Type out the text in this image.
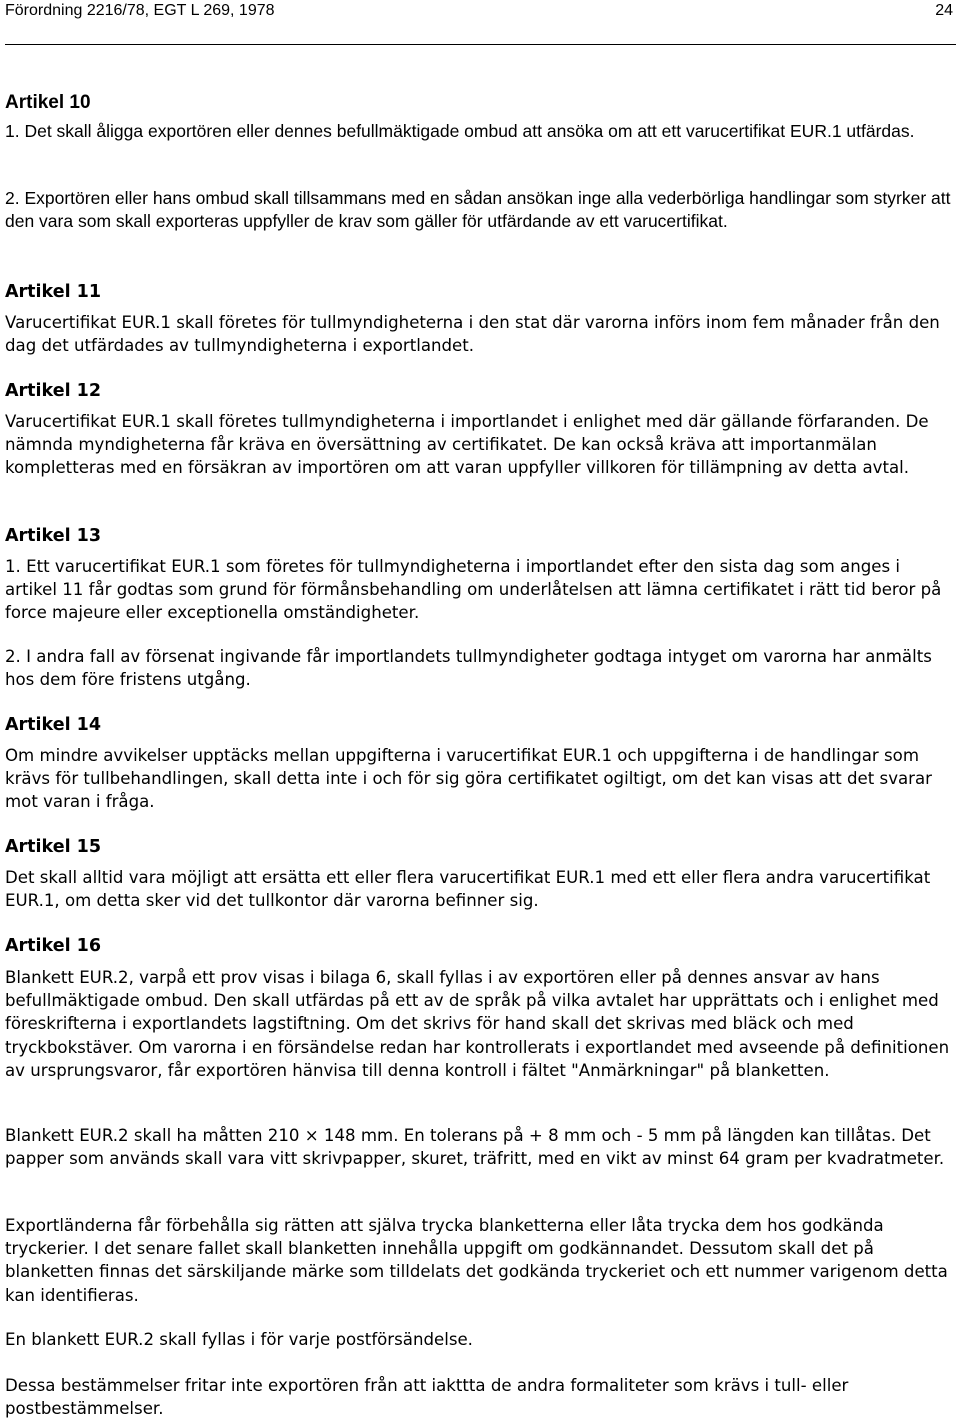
Förordning 2216/78, EGT L 269, 1978	24
Artikel 10
1. Det skall åligga exportören eller dennes befullmäktigade ombud att ansöka om att ett varucertifikat EUR.1 utfärdas.
2. Exportören eller hans ombud skall tillsammans med en sådan ansökan inge alla vederbörliga handlingar som styrker att den vara som skall exporteras uppfyller de krav som gäller för utfärdande av ett varucertifikat.
Artikel 11
Varucertifikat EUR.1 skall företes för tullmyndigheterna i den stat där varorna införs inom fem månader från den dag det utfärdades av tullmyndigheterna i exportlandet.
Artikel 12
Varucertifikat EUR.1 skall företes tullmyndigheterna i importlandet i enlighet med där gällande förfaranden. De nämnda myndigheterna får kräva en översättning av certifikatet. De kan också kräva att importanmälan kompletteras med en försäkran av importören om att varan uppfyller villkoren för tillämpning av detta avtal.
Artikel 13
1. Ett varucertifikat EUR.1 som företes för tullmyndigheterna i importlandet efter den sista dag som anges i artikel 11 får godtas som grund för förmånsbehandling om underlåtelsen att lämna certifikatet i rätt tid beror på force majeure eller exceptionella omständigheter.
2. I andra fall av försenat ingivande får importlandets tullmyndigheter godtaga intyget om varorna har anmälts hos dem före fristens utgång.
Artikel 14
Om mindre avvikelser upptäcks mellan uppgifterna i varucertifikat EUR.1 och uppgifterna i de handlingar som krävs för tullbehandlingen, skall detta inte i och för sig göra certifikatet ogiltigt, om det kan visas att det svarar mot varan i fråga.
Artikel 15
Det skall alltid vara möjligt att ersätta ett eller flera varucertifikat EUR.1 med ett eller flera andra varucertifikat EUR.1, om detta sker vid det tullkontor där varorna befinner sig.
Artikel 16
Blankett EUR.2, varpå ett prov visas i bilaga 6, skall fyllas i av exportören eller på dennes ansvar av hans befullmäktigade ombud. Den skall utfärdas på ett av de språk på vilka avtalet har upprättats och i enlighet med föreskrifterna i exportlandets lagstiftning. Om det skrivs för hand skall det skrivas med bläck och med tryckbokstäver. Om varorna i en försändelse redan har kontrollerats i exportlandet med avseende på definitionen av ursprungsvaror, får exportören hänvisa till denna kontroll i fältet "Anmärkningar" på blanketten.
Blankett EUR.2 skall ha måtten 210 × 148 mm. En tolerans på + 8 mm och - 5 mm på längden kan tillåtas. Det papper som används skall vara vitt skrivpapper, skuret, träfritt, med en vikt av minst 64 gram per kvadratmeter.
Exportländerna får förbehålla sig rätten att själva trycka blanketterna eller låta trycka dem hos godkända tryckerier. I det senare fallet skall blanketten innehålla uppgift om godkännandet. Dessutom skall det på blanketten finnas det särskiljande märke som tilldelats det godkända tryckeriet och ett nummer varigenom detta kan identifieras.
En blankett EUR.2 skall fyllas i för varje postförsändelse.
Dessa bestämmelser fritar inte exportören från att iakttta de andra formaliteter som krävs i tull- eller postbestämmelser.
